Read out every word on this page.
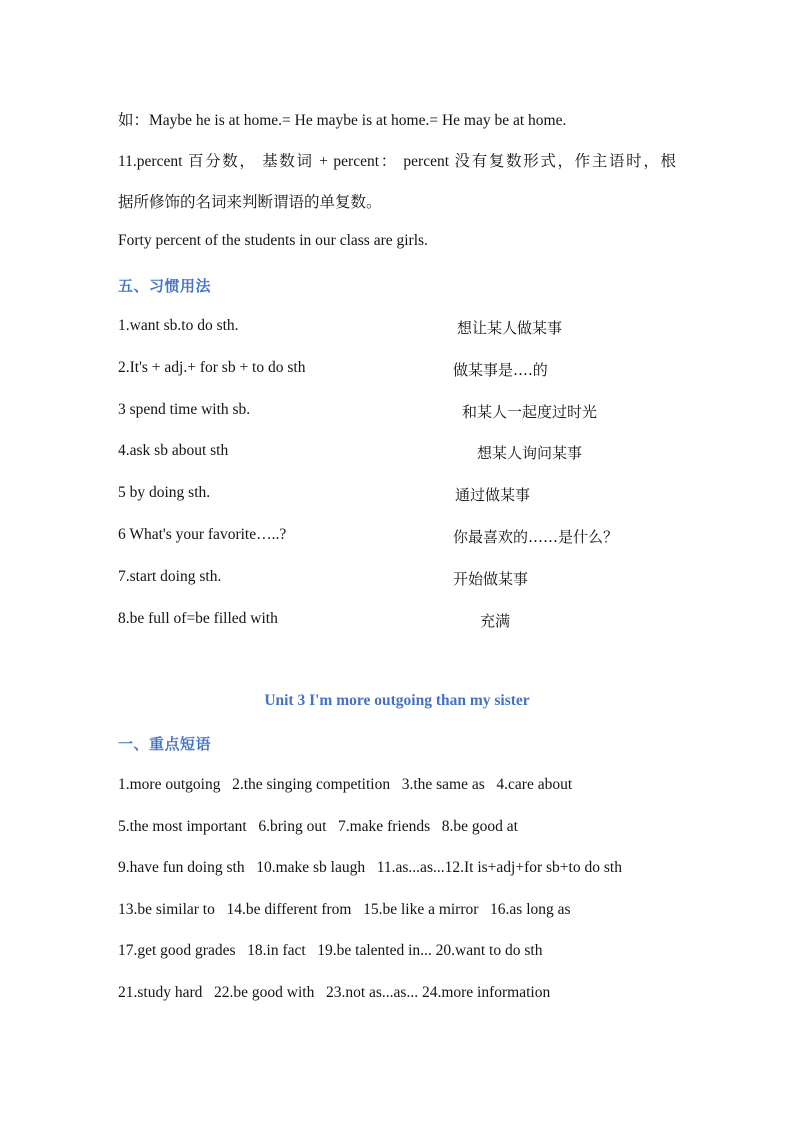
如：Maybe he is at home.= He maybe is at home.= He may be at home.
11.percent 百分数， 基数词 + percent： percent 没有复数形式，作主语时，根
据所修饰的名词来判断谓语的单复数。
Forty percent of the students in our class are girls.
五、习惯用法
1.want sb.to do sth.	想让某人做某事
2.It's + adj.+ for sb + to do sth	做某事是….的
3 spend time with sb.	和某人一起度过时光
4.ask sb about sth	想某人询问某事
5 by doing sth.	通过做某事
6 What's your favorite…..?	你最喜欢的……是什么？
7.start doing sth.	开始做某事
8.be full of=be filled with	充满
Unit 3 I'm more outgoing than my sister
一、重点短语
1.more outgoing   2.the singing competition   3.the same as   4.care about
5.the most important   6.bring out   7.make friends   8.be good at
9.have fun doing sth   10.make sb laugh   11.as...as...12.It is+adj+for sb+to do sth
13.be similar to   14.be different from   15.be like a mirror   16.as long as
17.get good grades   18.in fact   19.be talented in... 20.want to do sth
21.study hard   22.be good with   23.not as...as... 24.more information
